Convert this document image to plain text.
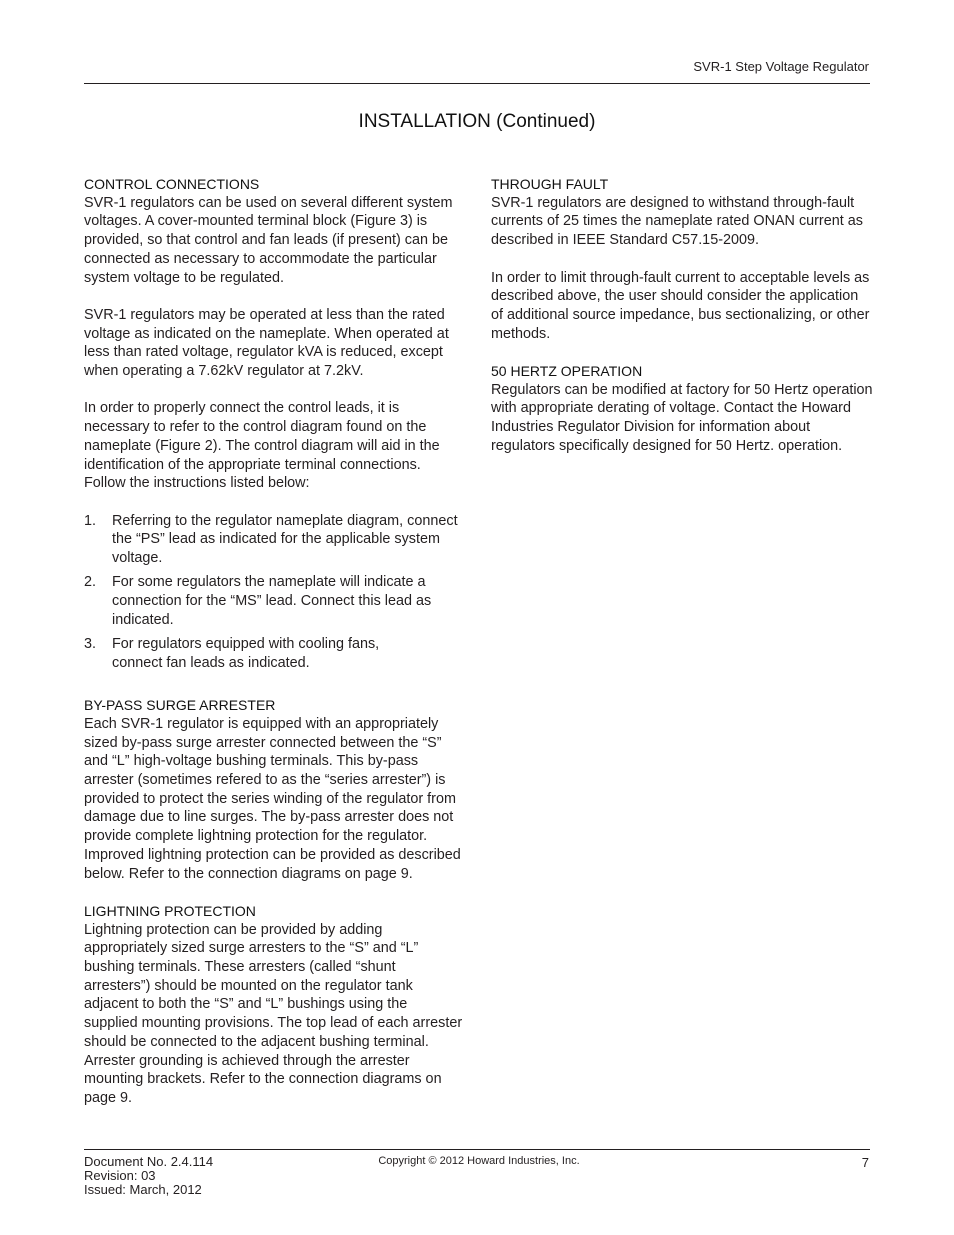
SVR-1 Step Voltage Regulator
INSTALLATION (Continued)
CONTROL CONNECTIONS

SVR-1 regulators can be used on several different system voltages. A cover-mounted terminal block (Figure 3) is provided, so that control and fan leads (if present) can be connected as necessary to accommodate the particular system voltage to be regulated.

SVR-1 regulators may be operated at less than the rated voltage as indicated on the nameplate. When operated at less than rated voltage, regulator kVA is reduced, except when operating a 7.62kV regulator at 7.2kV.

In order to properly connect the control leads, it is necessary to refer to the control diagram found on the nameplate (Figure 2). The control diagram will aid in the identification of the appropriate terminal connections. Follow the instructions listed below:

1. Referring to the regulator nameplate diagram, connect the “PS” lead as indicated for the applicable system voltage.
2. For some regulators the nameplate will indicate a connection for the “MS” lead. Connect this lead as indicated.
3. For regulators equipped with cooling fans, connect fan leads as indicated.
BY-PASS SURGE ARRESTER

Each SVR-1 regulator is equipped with an appropriately sized by-pass surge arrester connected between the “S” and “L” high-voltage bushing terminals. This by-pass arrester (sometimes refered to as the “series arrester”) is provided to protect the series winding of the regulator from damage due to line surges. The by-pass arrester does not provide complete lightning protection for the regulator. Improved lightning protection can be provided as described below. Refer to the connection diagrams on page 9.

LIGHTNING PROTECTION

Lightning protection can be provided by adding appropriately sized surge arresters to the “S” and “L” bushing terminals. These arresters (called “shunt arresters”) should be mounted on the regulator tank adjacent to both the “S” and “L” bushings using the supplied mounting provisions. The top lead of each arrester should be connected to the adjacent bushing terminal. Arrester grounding is achieved through the arrester mounting brackets. Refer to the connection diagrams on page 9.

THROUGH FAULT

SVR-1 regulators are designed to withstand through-fault currents of 25 times the nameplate rated ONAN current as described in IEEE Standard C57.15-2009.

In order to limit through-fault current to acceptable levels as described above, the user should consider the application of additional source impedance, bus sectionalizing, or other methods.

50 HERTZ OPERATION

Regulators can be modified at factory for 50 Hertz operation with appropriate derating of voltage. Contact the Howard Industries Regulator Division for information about regulators specifically designed for 50 Hertz. operation.

Document No. 2.4.114
Revision: 03
Issued: March, 2012
Copyright © 2012 Howard Industries, Inc.	7
